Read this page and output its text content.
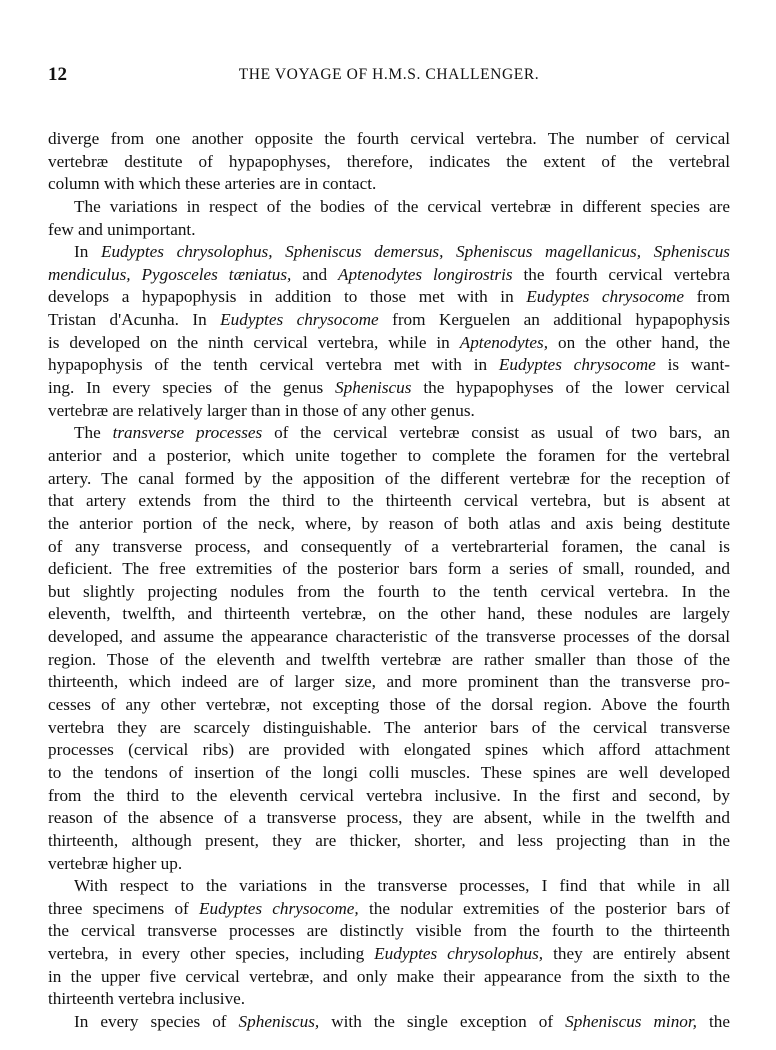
12	THE VOYAGE OF H.M.S. CHALLENGER.
diverge from one another opposite the fourth cervical vertebra. The number of cervical
vertebræ destitute of hypapophyses, therefore, indicates the extent of the vertebral
column with which these arteries are in contact.
The variations in respect of the bodies of the cervical vertebræ in different species are
few and unimportant.
In Eudyptes chrysolophus, Spheniscus demersus, Spheniscus magellanicus, Spheniscus
mendiculus, Pygosceles tæniatus, and Aptenodytes longirostris the fourth cervical vertebra
develops a hypapophysis in addition to those met with in Eudyptes chrysocome from
Tristan d'Acunha. In Eudyptes chrysocome from Kerguelen an additional hypapophysis
is developed on the ninth cervical vertebra, while in Aptenodytes, on the other hand, the
hypapophysis of the tenth cervical vertebra met with in Eudyptes chrysocome is want-
ing. In every species of the genus Spheniscus the hypapophyses of the lower cervical
vertebræ are relatively larger than in those of any other genus.
The transverse processes of the cervical vertebræ consist as usual of two bars, an
anterior and a posterior, which unite together to complete the foramen for the vertebral
artery. The canal formed by the apposition of the different vertebræ for the reception of
that artery extends from the third to the thirteenth cervical vertebra, but is absent at
the anterior portion of the neck, where, by reason of both atlas and axis being destitute
of any transverse process, and consequently of a vertebrarterial foramen, the canal is
deficient. The free extremities of the posterior bars form a series of small, rounded, and
but slightly projecting nodules from the fourth to the tenth cervical vertebra. In the
eleventh, twelfth, and thirteenth vertebræ, on the other hand, these nodules are largely
developed, and assume the appearance characteristic of the transverse processes of the dorsal
region. Those of the eleventh and twelfth vertebræ are rather smaller than those of the
thirteenth, which indeed are of larger size, and more prominent than the transverse pro-
cesses of any other vertebræ, not excepting those of the dorsal region. Above the fourth
vertebra they are scarcely distinguishable. The anterior bars of the cervical transverse
processes (cervical ribs) are provided with elongated spines which afford attachment
to the tendons of insertion of the longi colli muscles. These spines are well developed
from the third to the eleventh cervical vertebra inclusive. In the first and second, by
reason of the absence of a transverse process, they are absent, while in the twelfth and
thirteenth, although present, they are thicker, shorter, and less projecting than in the
vertebræ higher up.
With respect to the variations in the transverse processes, I find that while in all
three specimens of Eudyptes chrysocome, the nodular extremities of the posterior bars of
the cervical transverse processes are distinctly visible from the fourth to the thirteenth
vertebra, in every other species, including Eudyptes chrysolophus, they are entirely absent
in the upper five cervical vertebræ, and only make their appearance from the sixth to the
thirteenth vertebra inclusive.
In every species of Spheniscus, with the single exception of Spheniscus minor, the
